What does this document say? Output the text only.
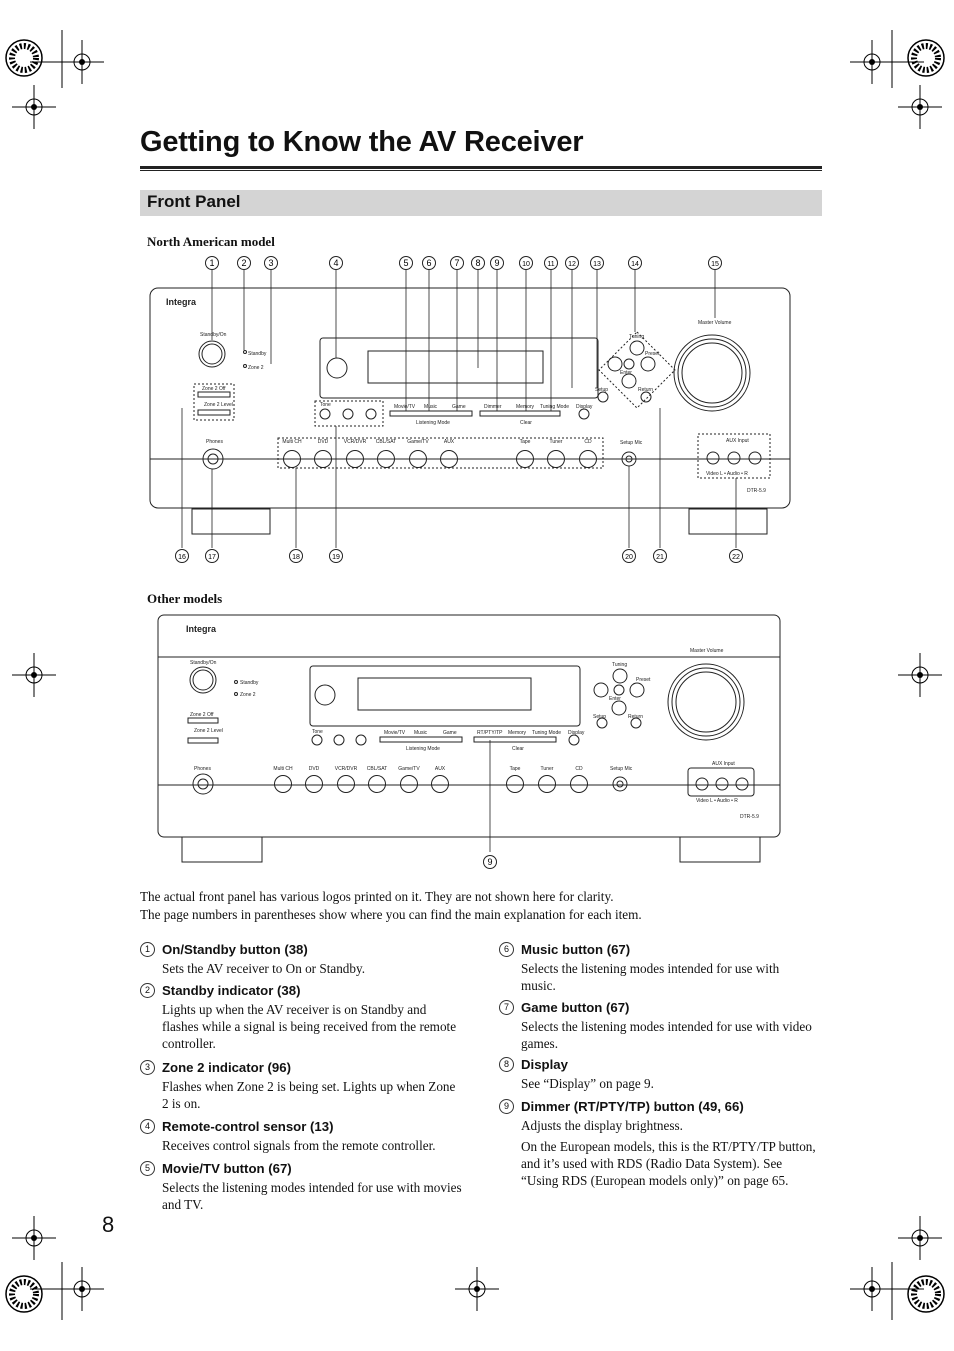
Getting to Know the AV Receiver
Front Panel
North American model
1	2 3	4	5 6	7 8 9	10 11 12 13	14	15
Multi CH	DVD	VCR/DVR CBL/SAT Game/TV	AUX	Tape	Tuner	CD
Integra
Standby/On
Standby
Zone 2
Zone 2 Off
Zone 2 Level
Phones
Master Volume
Tuning
Preset
Enter
Setup	Return
Setup Mic	AUX Input
Video L • Audio • R
DTR-5.9
Tone	Movie/TV Music	Game
Listening Mode
Dimmer	Memory Tuning Mode Display
Clear
16	17	18	19	20	21	22
Other models
Multi CH	DVD	VCR/DVR CBL/SAT Game/TV	AUX	Tape	Tuner	CD
Integra
Standby/On
Standby
Zone 2
Zone 2 Off
Zone 2 Level
Phones
Master Volume
Tuning
Preset
Enter
Setup	Return
Setup Mic
AUX Input
Video L • Audio • R
DTR-5.9
Tone	Movie/TV Music	Game
Listening Mode
RT/PTY/TP Memory Tuning Mode Display
Clear
9
The actual front panel has various logos printed on it. They are not shown here for clarity.
The page numbers in parentheses show where you can find the main explanation for each item.
1 On/Standby button (38)
Sets the AV receiver to On or Standby.
2 Standby indicator (38)
Lights up when the AV receiver is on Standby and flashes while a signal is being received from the remote controller.
3 Zone 2 indicator (96)
Flashes when Zone 2 is being set. Lights up when Zone 2 is on.
4 Remote-control sensor (13)
Receives control signals from the remote controller.
5 Movie/TV button (67)
Selects the listening modes intended for use with movies and TV.
6 Music button (67)
Selects the listening modes intended for use with music.
7 Game button (67)
Selects the listening modes intended for use with video games.
8 Display
See “Display” on page 9.
9 Dimmer (RT/PTY/TP) button (49, 66)
Adjusts the display brightness.
On the European models, this is the RT/PTY/TP button, and it’s used with RDS (Radio Data System). See “Using RDS (European models only)” on page 65.
8
